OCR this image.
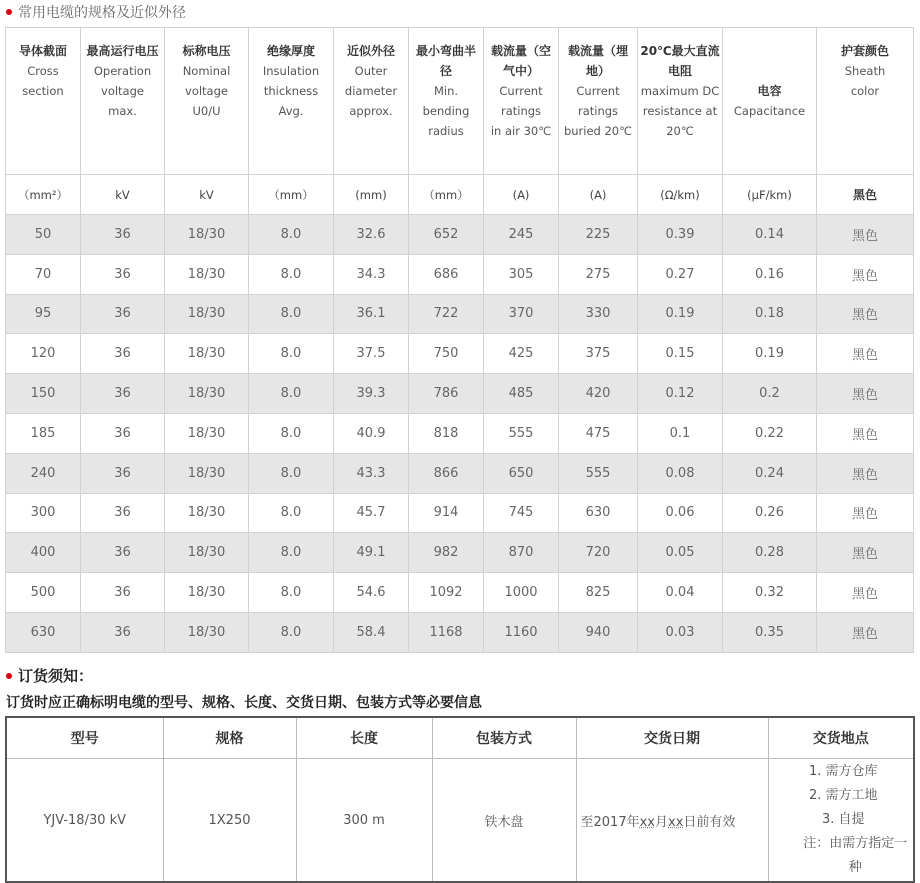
常用电缆的规格及近似外径
导体截面
Cross
section	最高运行电压
Operation
voltage
max.	标称电压
Nominal
voltage
U0/U	绝缘厚度
Insulation
thickness
Avg.	近似外径
Outer
diameter
approx.	最小弯曲半径
Min.
bending
radius	载流量（空气中）
Current
ratings
in air 30℃	载流量（埋地）
Current
ratings
buried 20℃	20℃最大直流电阻
maximum DC
resistance at
20℃	电容
Capacitance	护套颜色
Sheath
color

（mm²）	kV	kV	（mm）	(mm)	（mm）	(A)	(A)	(Ω/km)	(μF/km)	黑色
50	36	18/30	8.0	32.6	652	245	225	0.39	0.14	黑色
70	36	18/30	8.0	34.3	686	305	275	0.27	0.16	黑色
95	36	18/30	8.0	36.1	722	370	330	0.19	0.18	黑色
120	36	18/30	8.0	37.5	750	425	375	0.15	0.19	黑色
150	36	18/30	8.0	39.3	786	485	420	0.12	0.2	黑色
185	36	18/30	8.0	40.9	818	555	475	0.1	0.22	黑色
240	36	18/30	8.0	43.3	866	650	555	0.08	0.24	黑色
300	36	18/30	8.0	45.7	914	745	630	0.06	0.26	黑色
400	36	18/30	8.0	49.1	982	870	720	0.05	0.28	黑色
500	36	18/30	8.0	54.6	1092	1000	825	0.04	0.32	黑色
630	36	18/30	8.0	58.4	1168	1160	940	0.03	0.35	黑色
订货须知：
订货时应正确标明电缆的型号、规格、长度、交货日期、包装方式等必要信息
型号	规格	长度	包装方式	交货日期	交货地点
YJV-18/30 kV	1X250	300 m	铁木盘	至2017年xx月xx日前有效	1. 需方仓库
2. 需方工地
3. 自提
注：由需方指定一种
